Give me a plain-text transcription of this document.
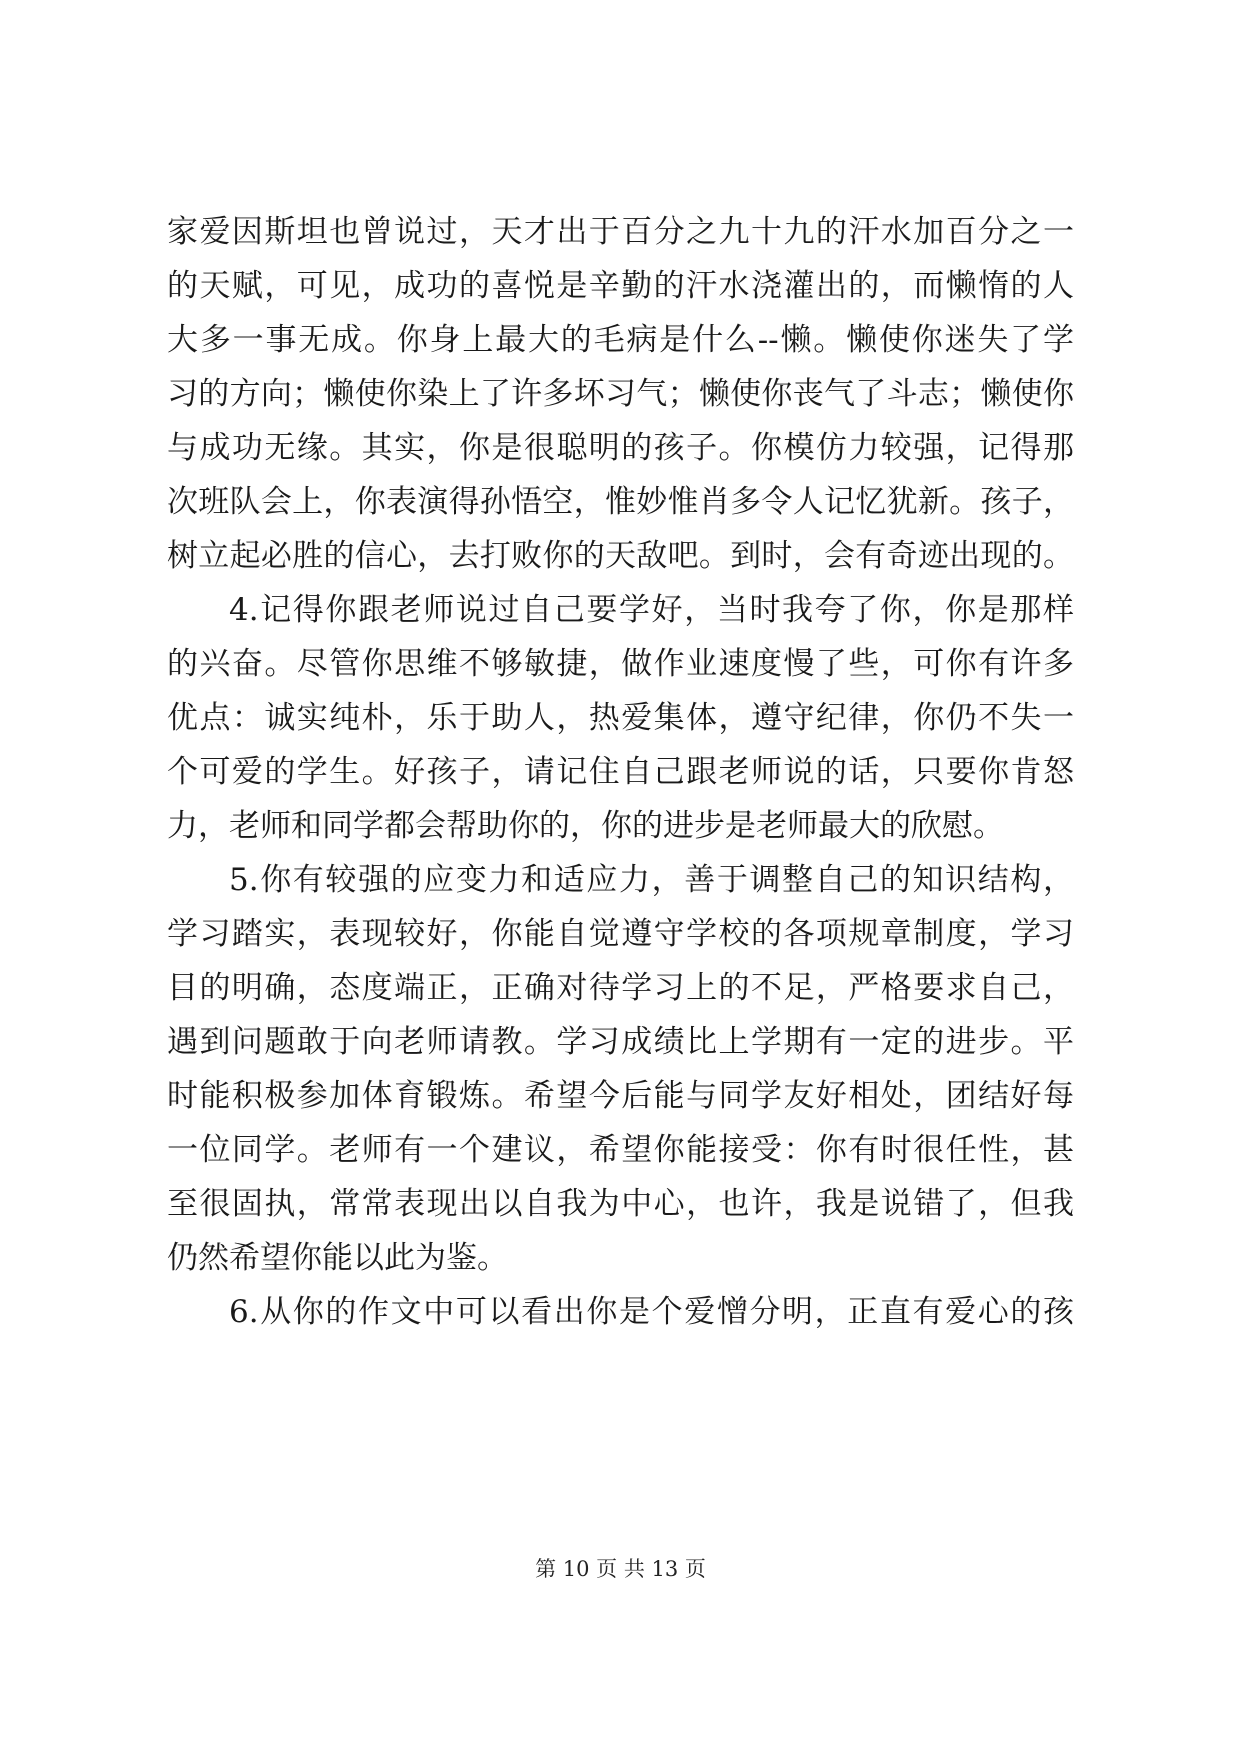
家爱因斯坦也曾说过，天才出于百分之九十九的汗水加百分之一
的天赋，可见，成功的喜悦是辛勤的汗水浇灌出的，而懒惰的人
大多一事无成。你身上最大的毛病是什么--懒。懒使你迷失了学
习的方向；懒使你染上了许多坏习气；懒使你丧气了斗志；懒使你
与成功无缘。其实，你是很聪明的孩子。你模仿力较强，记得那
次班队会上，你表演得孙悟空，惟妙惟肖多令人记忆犹新。孩子，
树立起必胜的信心，去打败你的天敌吧。到时，会有奇迹出现的。
4.记得你跟老师说过自己要学好，当时我夸了你，你是那样
的兴奋。尽管你思维不够敏捷，做作业速度慢了些，可你有许多
优点：诚实纯朴，乐于助人，热爱集体，遵守纪律，你仍不失一
个可爱的学生。好孩子，请记住自己跟老师说的话，只要你肯怒
力，老师和同学都会帮助你的，你的进步是老师最大的欣慰。
5.你有较强的应变力和适应力，善于调整自己的知识结构，
学习踏实，表现较好，你能自觉遵守学校的各项规章制度，学习
目的明确，态度端正，正确对待学习上的不足，严格要求自己，
遇到问题敢于向老师请教。学习成绩比上学期有一定的进步。平
时能积极参加体育锻炼。希望今后能与同学友好相处，团结好每
一位同学。老师有一个建议，希望你能接受：你有时很任性，甚
至很固执，常常表现出以自我为中心，也许，我是说错了，但我
仍然希望你能以此为鉴。
6.从你的作文中可以看出你是个爱憎分明，正直有爱心的孩
第 10 页 共 13 页
